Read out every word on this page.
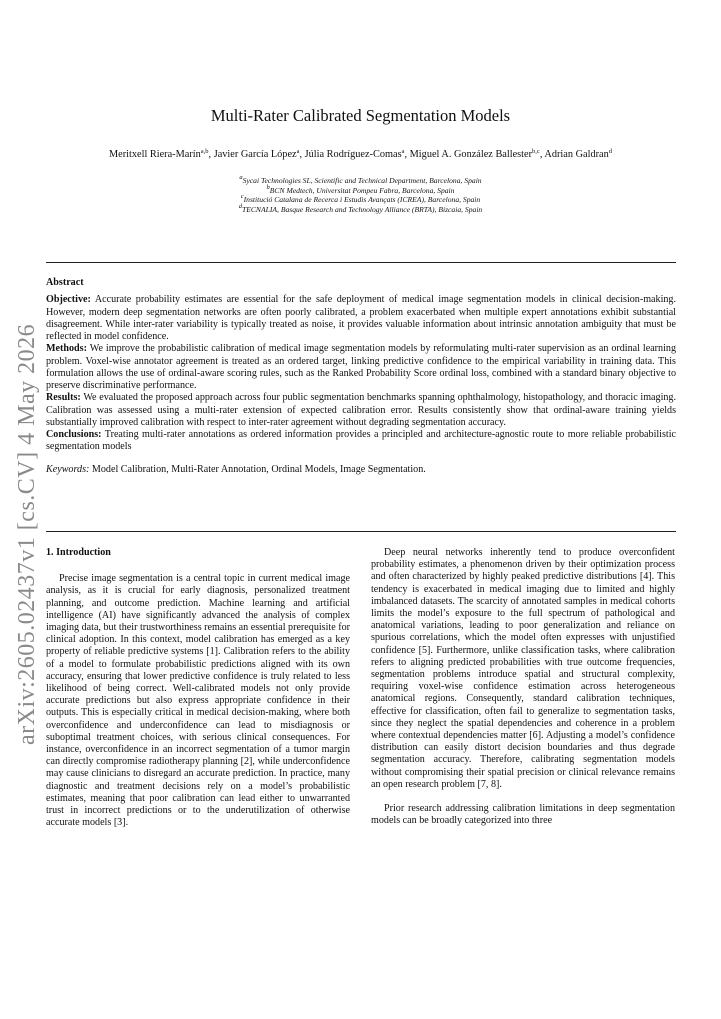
arXiv:2605.02437v1 [cs.CV] 4 May 2026
Multi-Rater Calibrated Segmentation Models
Meritxell Riera-Marín$^{a,b}$, Javier García López$^a$, Júlia Rodríguez-Comas$^a$, Miguel A. González Ballester$^{b,c}$, Adrian Galdran$^d$
$^a$Sycai Technologies SL, Scientific and Technical Department, Barcelona, Spain
$^b$BCN Medtech, Universitat Pompeu Fabra, Barcelona, Spain
$^c$Institució Catalana de Recerca i Estudis Avançats (ICREA), Barcelona, Spain
$^d$TECNALIA, Basque Research and Technology Alliance (BRTA), Bizcaia, Spain
Abstract

Objective: Accurate probability estimates are essential for the safe deployment of medical image segmentation models in clinical decision-making. However, modern deep segmentation networks are often poorly calibrated, a problem exacerbated when multiple expert annotations exhibit substantial disagreement. While inter-rater variability is typically treated as noise, it provides valuable information about intrinsic annotation ambiguity that must be reflected in model confidence.

Methods: We improve the probabilistic calibration of medical image segmentation models by reformulating multi-rater supervision as an ordinal learning problem. Voxel-wise annotator agreement is treated as an ordered target, linking predictive confidence to the empirical variability in training data. This formulation allows the use of ordinal-aware scoring rules, such as the Ranked Probability Score ordinal loss, combined with a standard binary objective to preserve discriminative performance.

Results: We evaluated the proposed approach across four public segmentation benchmarks spanning ophthalmology, histopathology, and thoracic imaging. Calibration was assessed using a multi-rater extension of expected calibration error. Results consistently show that ordinal-aware training yields substantially improved calibration with respect to inter-rater agreement without degrading segmentation accuracy.

Conclusions: Treating multi-rater annotations as ordered information provides a principled and architecture-agnostic route to more reliable probabilistic segmentation models

Keywords: Model Calibration, Multi-Rater Annotation, Ordinal Models, Image Segmentation.

1. Introduction

Precise image segmentation is a central topic in current medical image analysis, as it is crucial for early diagnosis, personalized treatment planning, and outcome prediction. Machine learning and artificial intelligence (AI) have significantly advanced the analysis of complex imaging data, but their trustworthiness remains an essential prerequisite for clinical adoption. In this context, model calibration has emerged as a key property of reliable predictive systems [1]. Calibration refers to the ability of a model to formulate probabilistic predictions aligned with its own accuracy, ensuring that lower predictive confidence is truly related to less likelihood of being correct. Well-calibrated models not only provide accurate predictions but also express appropriate confidence in their outputs. This is especially critical in medical decision-making, where both overconfidence and underconfidence can lead to misdiagnosis or suboptimal treatment choices, with serious clinical consequences. For instance, overconfidence in an incorrect segmentation of a tumor margin can directly compromise radiotherapy planning [2], while underconfidence may cause clinicians to disregard an accurate prediction. In practice, many diagnostic and treatment decisions rely on a model’s probabilistic estimates, meaning that poor calibration can lead either to unwarranted trust in incorrect predictions or to the underutilization of otherwise accurate models [3].

Deep neural networks inherently tend to produce overconfident probability estimates, a phenomenon driven by their optimization process and often characterized by highly peaked predictive distributions [4]. This tendency is exacerbated in medical imaging due to limited and highly imbalanced datasets. The scarcity of annotated samples in medical cohorts limits the model’s exposure to the full spectrum of pathological and anatomical variations, leading to poor generalization and reliance on spurious correlations, which the model often expresses with unjustified confidence [5]. Furthermore, unlike classification tasks, where calibration refers to aligning predicted probabilities with true outcome frequencies, segmentation problems introduce spatial and structural complexity, requiring voxel-wise confidence estimation across heterogeneous anatomical regions. Consequently, standard calibration techniques, effective for classification, often fail to generalize to segmentation tasks, since they neglect the spatial dependencies and coherence in a problem where contextual dependencies matter [6]. Adjusting a model’s confidence distribution can easily distort decision boundaries and thus degrade segmentation accuracy. Therefore, calibrating segmentation models without compromising their spatial precision or clinical relevance remains an open research problem [7, 8].

Prior research addressing calibration limitations in deep segmentation models can be broadly categorized into three
